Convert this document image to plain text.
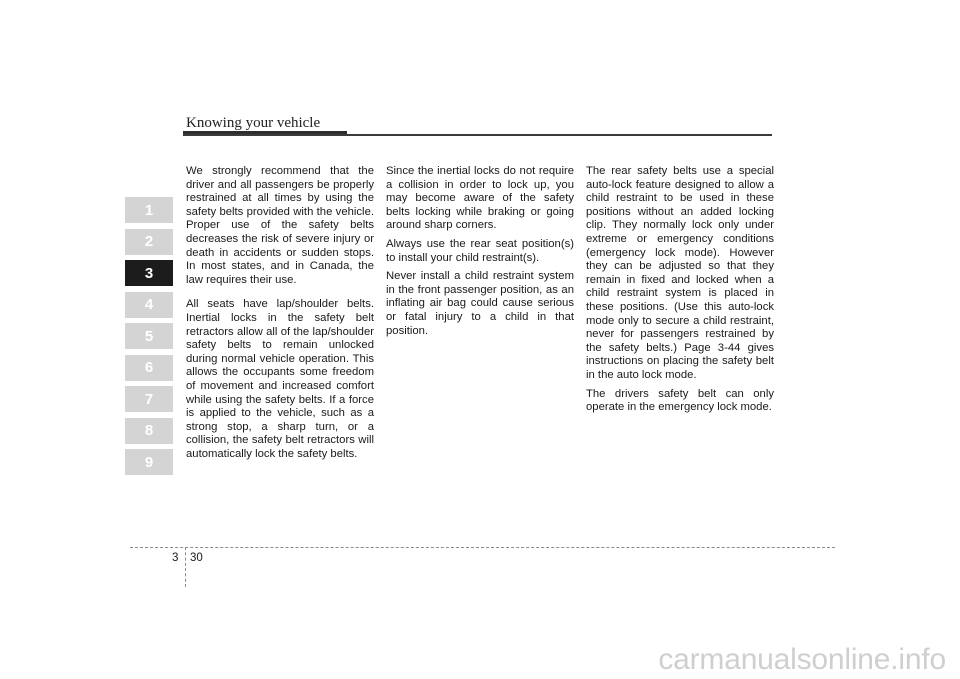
Knowing your vehicle
1
2
3
4
5
6
7
8
9

We strongly recommend that the driver and all passengers be properly restrained at all times by using the safety belts provided with the vehicle. Proper use of the safety belts decreases the risk of severe injury or death in accidents or sudden stops. In most states, and in Canada, the law requires their use.

All seats have lap/shoulder belts. Inertial locks in the safety belt retractors allow all of the lap/shoulder safety belts to remain unlocked during normal vehicle operation. This allows the occupants some freedom of movement and increased comfort while using the safety belts. If a force is applied to the vehicle, such as a strong stop, a sharp turn, or a collision, the safety belt retractors will automatically lock the safety belts.

Since the inertial locks do not require a collision in order to lock up, you may become aware of the safety belts locking while braking or going around sharp corners.

Always use the rear seat position(s) to install your child restraint(s).

Never install a child restraint system in the front passenger position, as an inflating air bag could cause serious or fatal injury to a child in that position.

The rear safety belts use a special auto-lock feature designed to allow a child restraint to be used in these positions without an added locking clip. They normally lock only under extreme or emergency conditions (emergency lock mode). However they can be adjusted so that they remain in fixed and locked when a child restraint system is placed in these positions. (Use this auto-lock mode only to secure a child restraint, never for passengers restrained by the safety belts.) Page 3-44 gives instructions on placing the safety belt in the auto lock mode.

The drivers safety belt can only operate in the emergency lock mode.

3 30
carmanualsonline.info
